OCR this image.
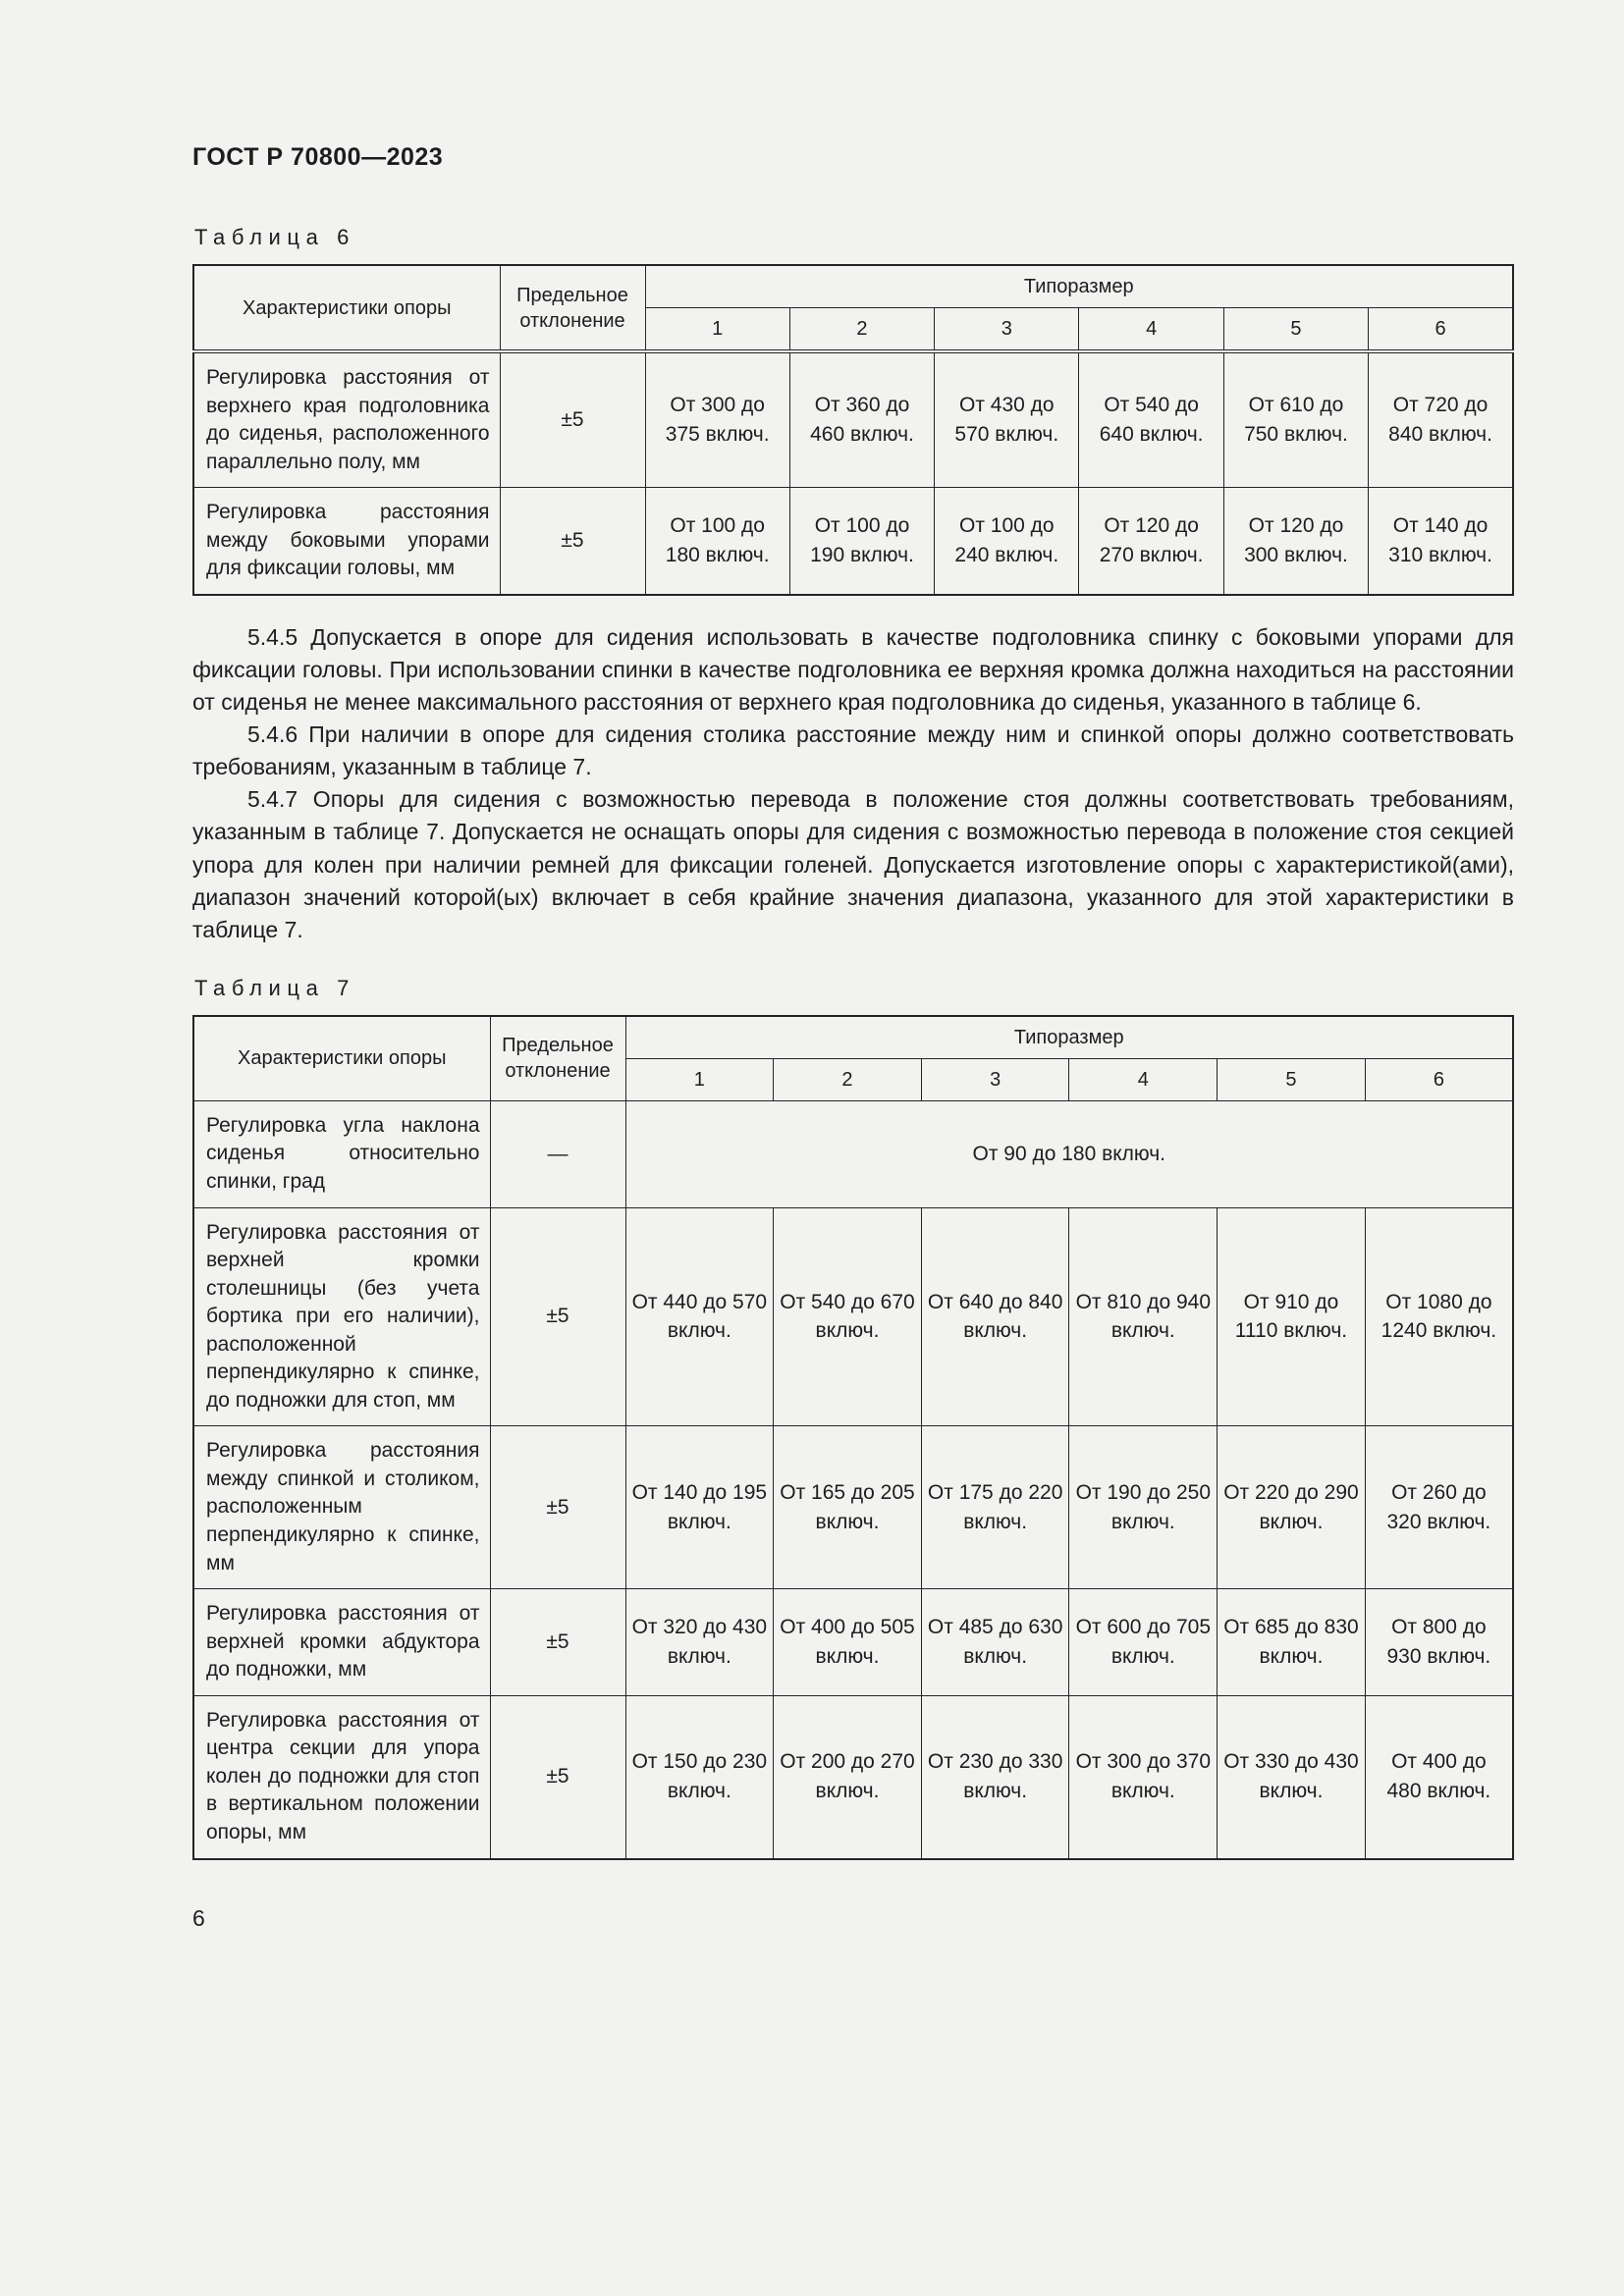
ГОСТ Р 70800—2023
Таблица 6
Характеристики опоры	Предельное отклонение	Типоразмер					
		1	2	3	4	5	6
Регулировка расстояния от верхнего края подголовника до сиденья, расположенного параллельно полу, мм	±5	От 300 до 375 включ.	От 360 до 460 включ.	От 430 до 570 включ.	От 540 до 640 включ.	От 610 до 750 включ.	От 720 до 840 включ.
Регулировка расстояния между боковыми упорами для фиксации головы, мм	±5	От 100 до 180 включ.	От 100 до 190 включ.	От 100 до 240 включ.	От 120 до 270 включ.	От 120 до 300 включ.	От 140 до 310 включ.

5.4.5 Допускается в опоре для сидения использовать в качестве подголовника спинку с боковыми упорами для фиксации головы. При использовании спинки в качестве подголовника ее верхняя кромка должна находиться на расстоянии от сиденья не менее максимального расстояния от верхнего края подголовника до сиденья, указанного в таблице 6.

5.4.6 При наличии в опоре для сидения столика расстояние между ним и спинкой опоры должно соответствовать требованиям, указанным в таблице 7.

5.4.7 Опоры для сидения с возможностью перевода в положение стоя должны соответствовать требованиям, указанным в таблице 7. Допускается не оснащать опоры для сидения с возможностью перевода в положение стоя секцией упора для колен при наличии ремней для фиксации голеней. Допускается изготовление опоры с характеристикой(ами), диапазон значений которой(ых) включает в себя крайние значения диапазона, указанного для этой характеристики в таблице 7.

Таблица 7
Характеристики опоры	Предельное отклонение	Типоразмер					
		1	2	3	4	5	6
Регулировка угла наклона сиденья относительно спинки, град	—	От 90 до 180 включ.					
Регулировка расстояния от верхней кромки столешницы (без учета бортика при его наличии), расположенной перпендикулярно к спинке, до подножки для стоп, мм	±5	От 440 до 570 включ.	От 540 до 670 включ.	От 640 до 840 включ.	От 810 до 940 включ.	От 910 до 1110 включ.	От 1080 до 1240 включ.
Регулировка расстояния между спинкой и столиком, расположенным перпендикулярно к спинке, мм	±5	От 140 до 195 включ.	От 165 до 205 включ.	От 175 до 220 включ.	От 190 до 250 включ.	От 220 до 290 включ.	От 260 до 320 включ.
Регулировка расстояния от верхней кромки абдуктора до подножки, мм	±5	От 320 до 430 включ.	От 400 до 505 включ.	От 485 до 630 включ.	От 600 до 705 включ.	От 685 до 830 включ.	От 800 до 930 включ.
Регулировка расстояния от центра секции для упора колен до подножки для стоп в вертикальном положении опоры, мм	±5	От 150 до 230 включ.	От 200 до 270 включ.	От 230 до 330 включ.	От 300 до 370 включ.	От 330 до 430 включ.	От 400 до 480 включ.
6
